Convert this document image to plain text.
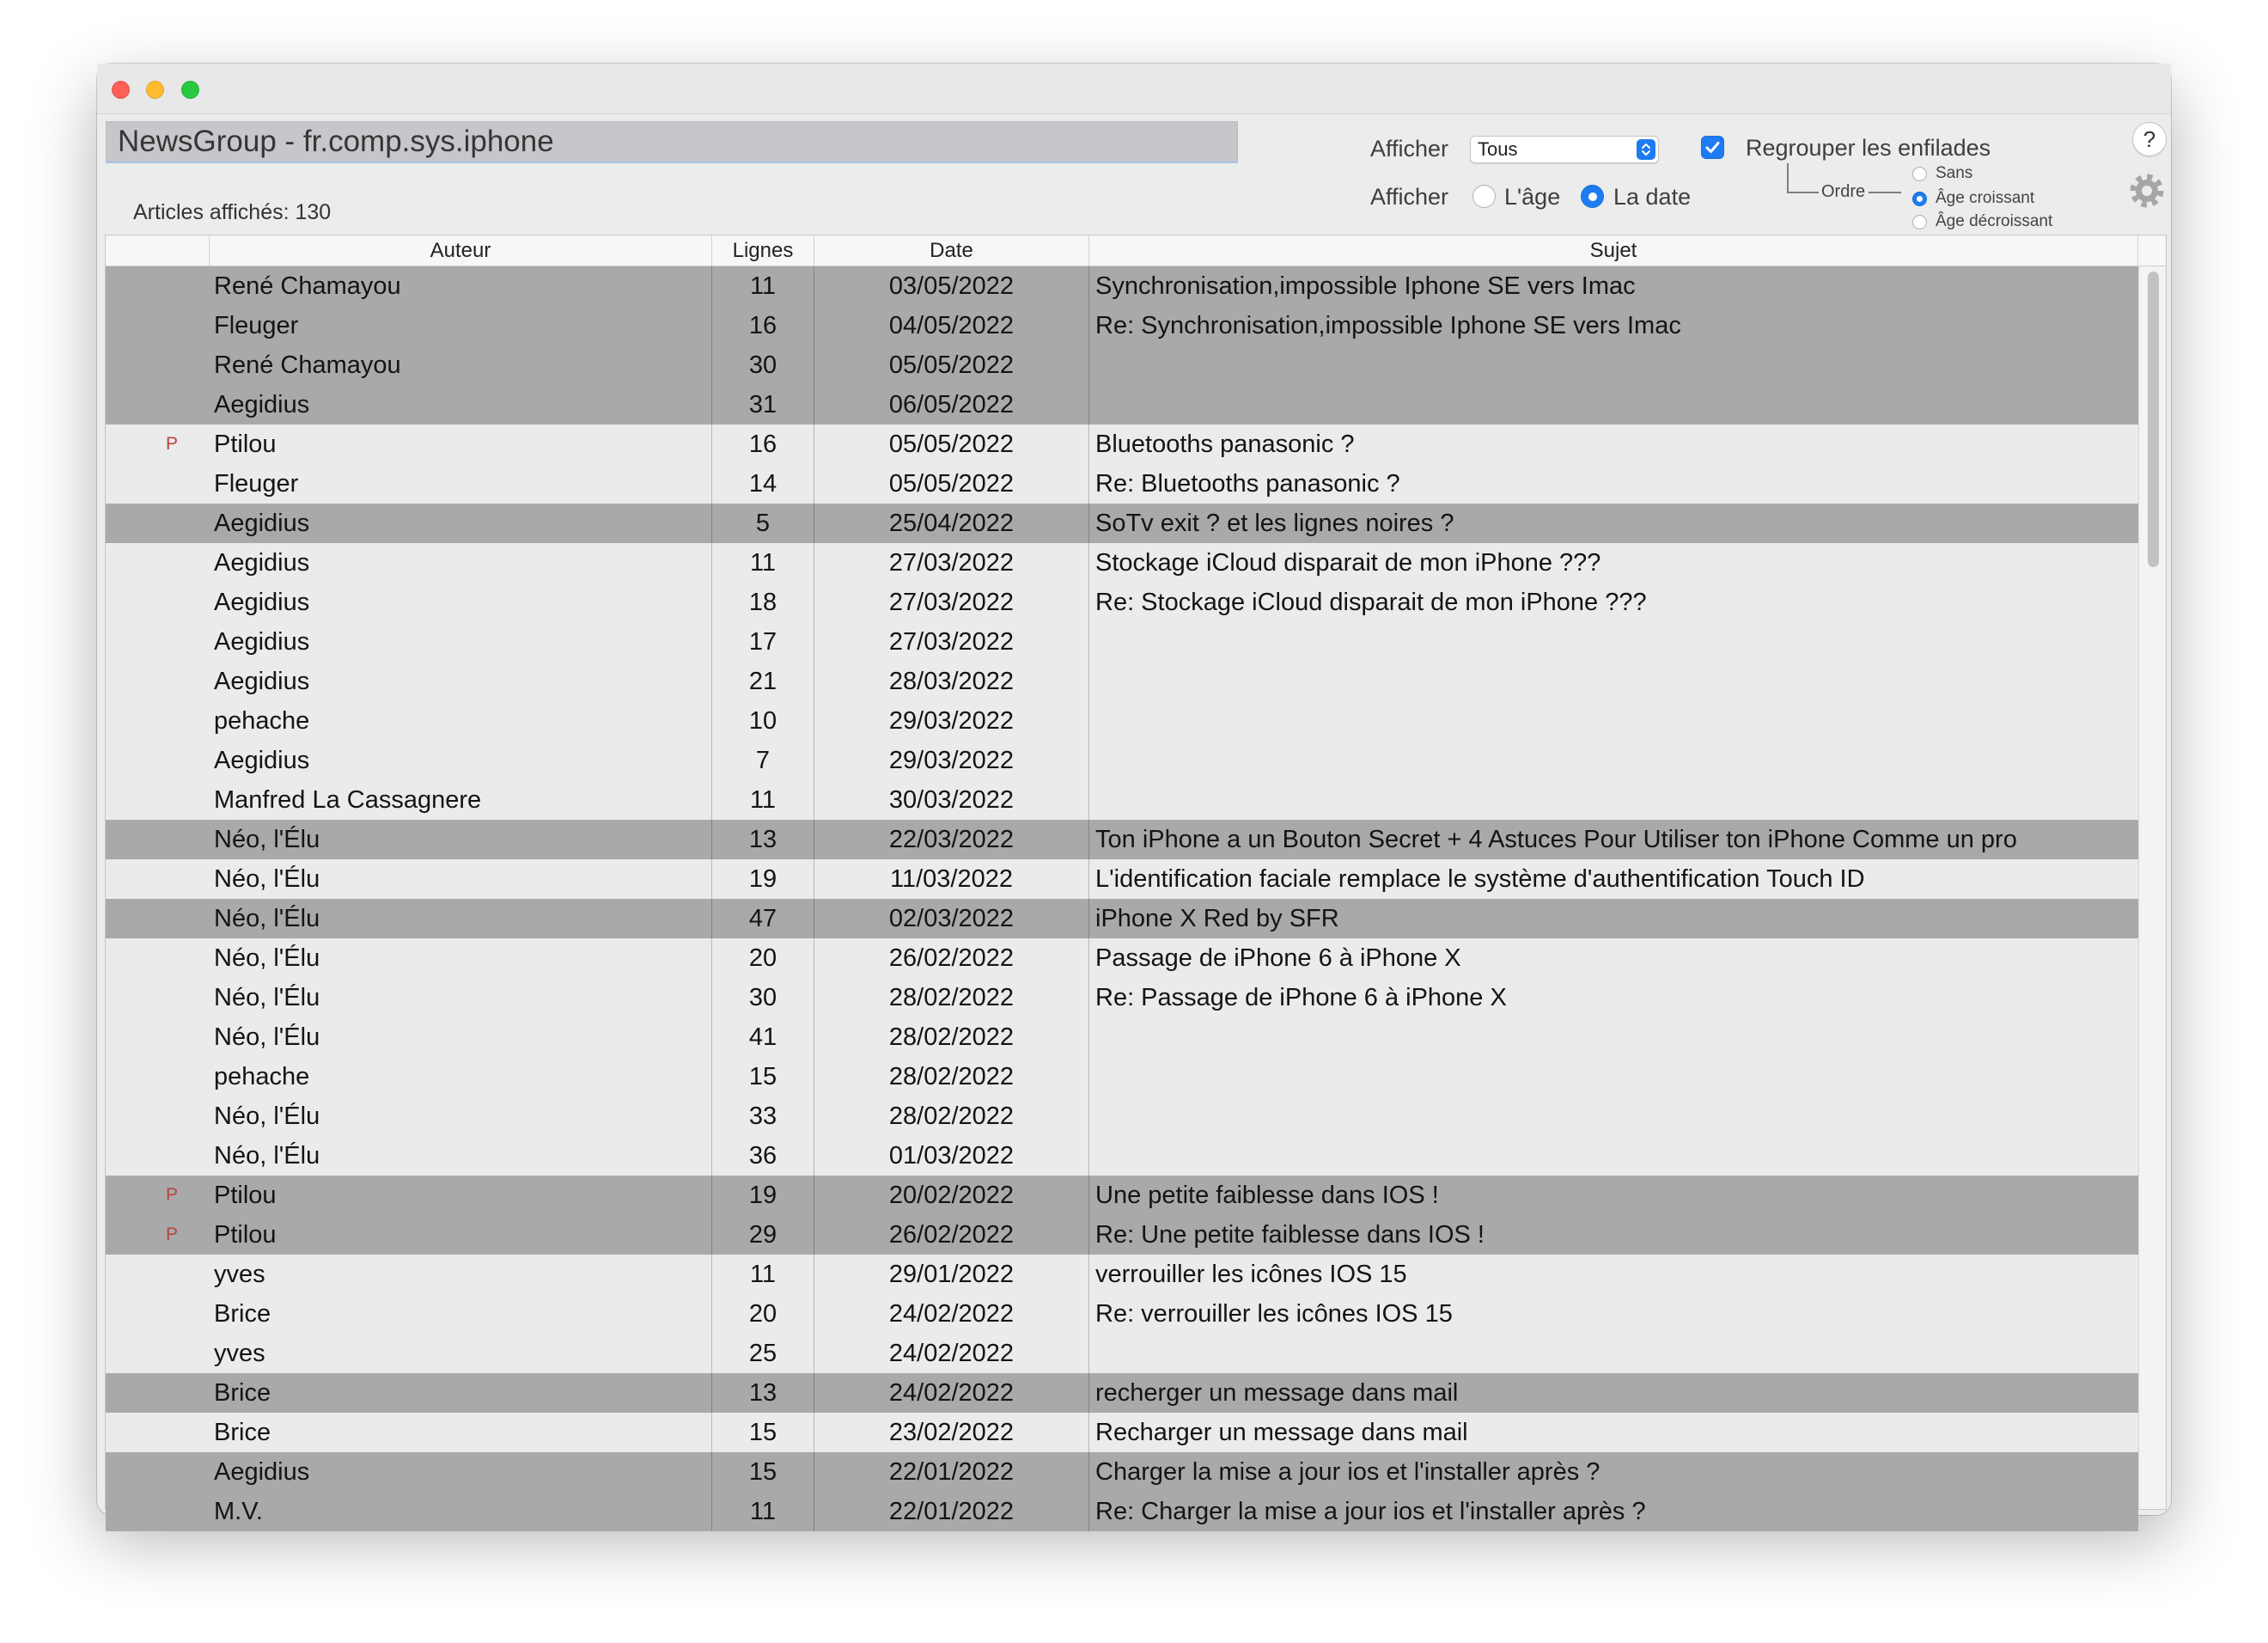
NewsGroup - fr.comp.sys.iphone
Articles affichés: 130
Afficher Tous
Afficher L'âge La date
Regrouper les enfilades
Ordre
Sans
Âge croissant
Âge décroissant
?
Auteur	Lignes	Date	Sujet
René Chamayou	11	03/05/2022	Synchronisation,impossible Iphone SE vers Imac
Fleuger	16	04/05/2022	Re: Synchronisation,impossible Iphone SE vers Imac
René Chamayou	30	05/05/2022
Aegidius	31	06/05/2022
P	Ptilou	16	05/05/2022	Bluetooths panasonic ?
Fleuger	14	05/05/2022	Re: Bluetooths panasonic ?
Aegidius	5	25/04/2022	SoTv exit ? et les lignes noires ?
Aegidius	11	27/03/2022	Stockage iCloud disparait de mon iPhone ???
Aegidius	18	27/03/2022	Re: Stockage iCloud disparait de mon iPhone ???
Aegidius	17	27/03/2022
Aegidius	21	28/03/2022
pehache	10	29/03/2022
Aegidius	7	29/03/2022
Manfred La Cassagnere	11	30/03/2022
Néo, l'Élu	13	22/03/2022	Ton iPhone a un Bouton Secret + 4 Astuces Pour Utiliser ton iPhone Comme un pro
Néo, l'Élu	19	11/03/2022	L'identification faciale remplace le système d'authentification Touch ID
Néo, l'Élu	47	02/03/2022	iPhone X Red by SFR
Néo, l'Élu	20	26/02/2022	Passage de iPhone 6 à iPhone X
Néo, l'Élu	30	28/02/2022	Re: Passage de iPhone 6 à iPhone X
Néo, l'Élu	41	28/02/2022
pehache	15	28/02/2022
Néo, l'Élu	33	28/02/2022
Néo, l'Élu	36	01/03/2022
P	Ptilou	19	20/02/2022	Une petite faiblesse dans IOS !
P	Ptilou	29	26/02/2022	Re: Une petite faiblesse dans IOS !
yves	11	29/01/2022	verrouiller les icônes IOS 15
Brice	20	24/02/2022	Re: verrouiller les icônes IOS 15
yves	25	24/02/2022
Brice	13	24/02/2022	recherger un message dans mail
Brice	15	23/02/2022	Recharger un message dans mail
Aegidius	15	22/01/2022	Charger la mise a jour ios et l'installer après ?
M.V.	11	22/01/2022	Re: Charger la mise a jour ios et l'installer après ?
